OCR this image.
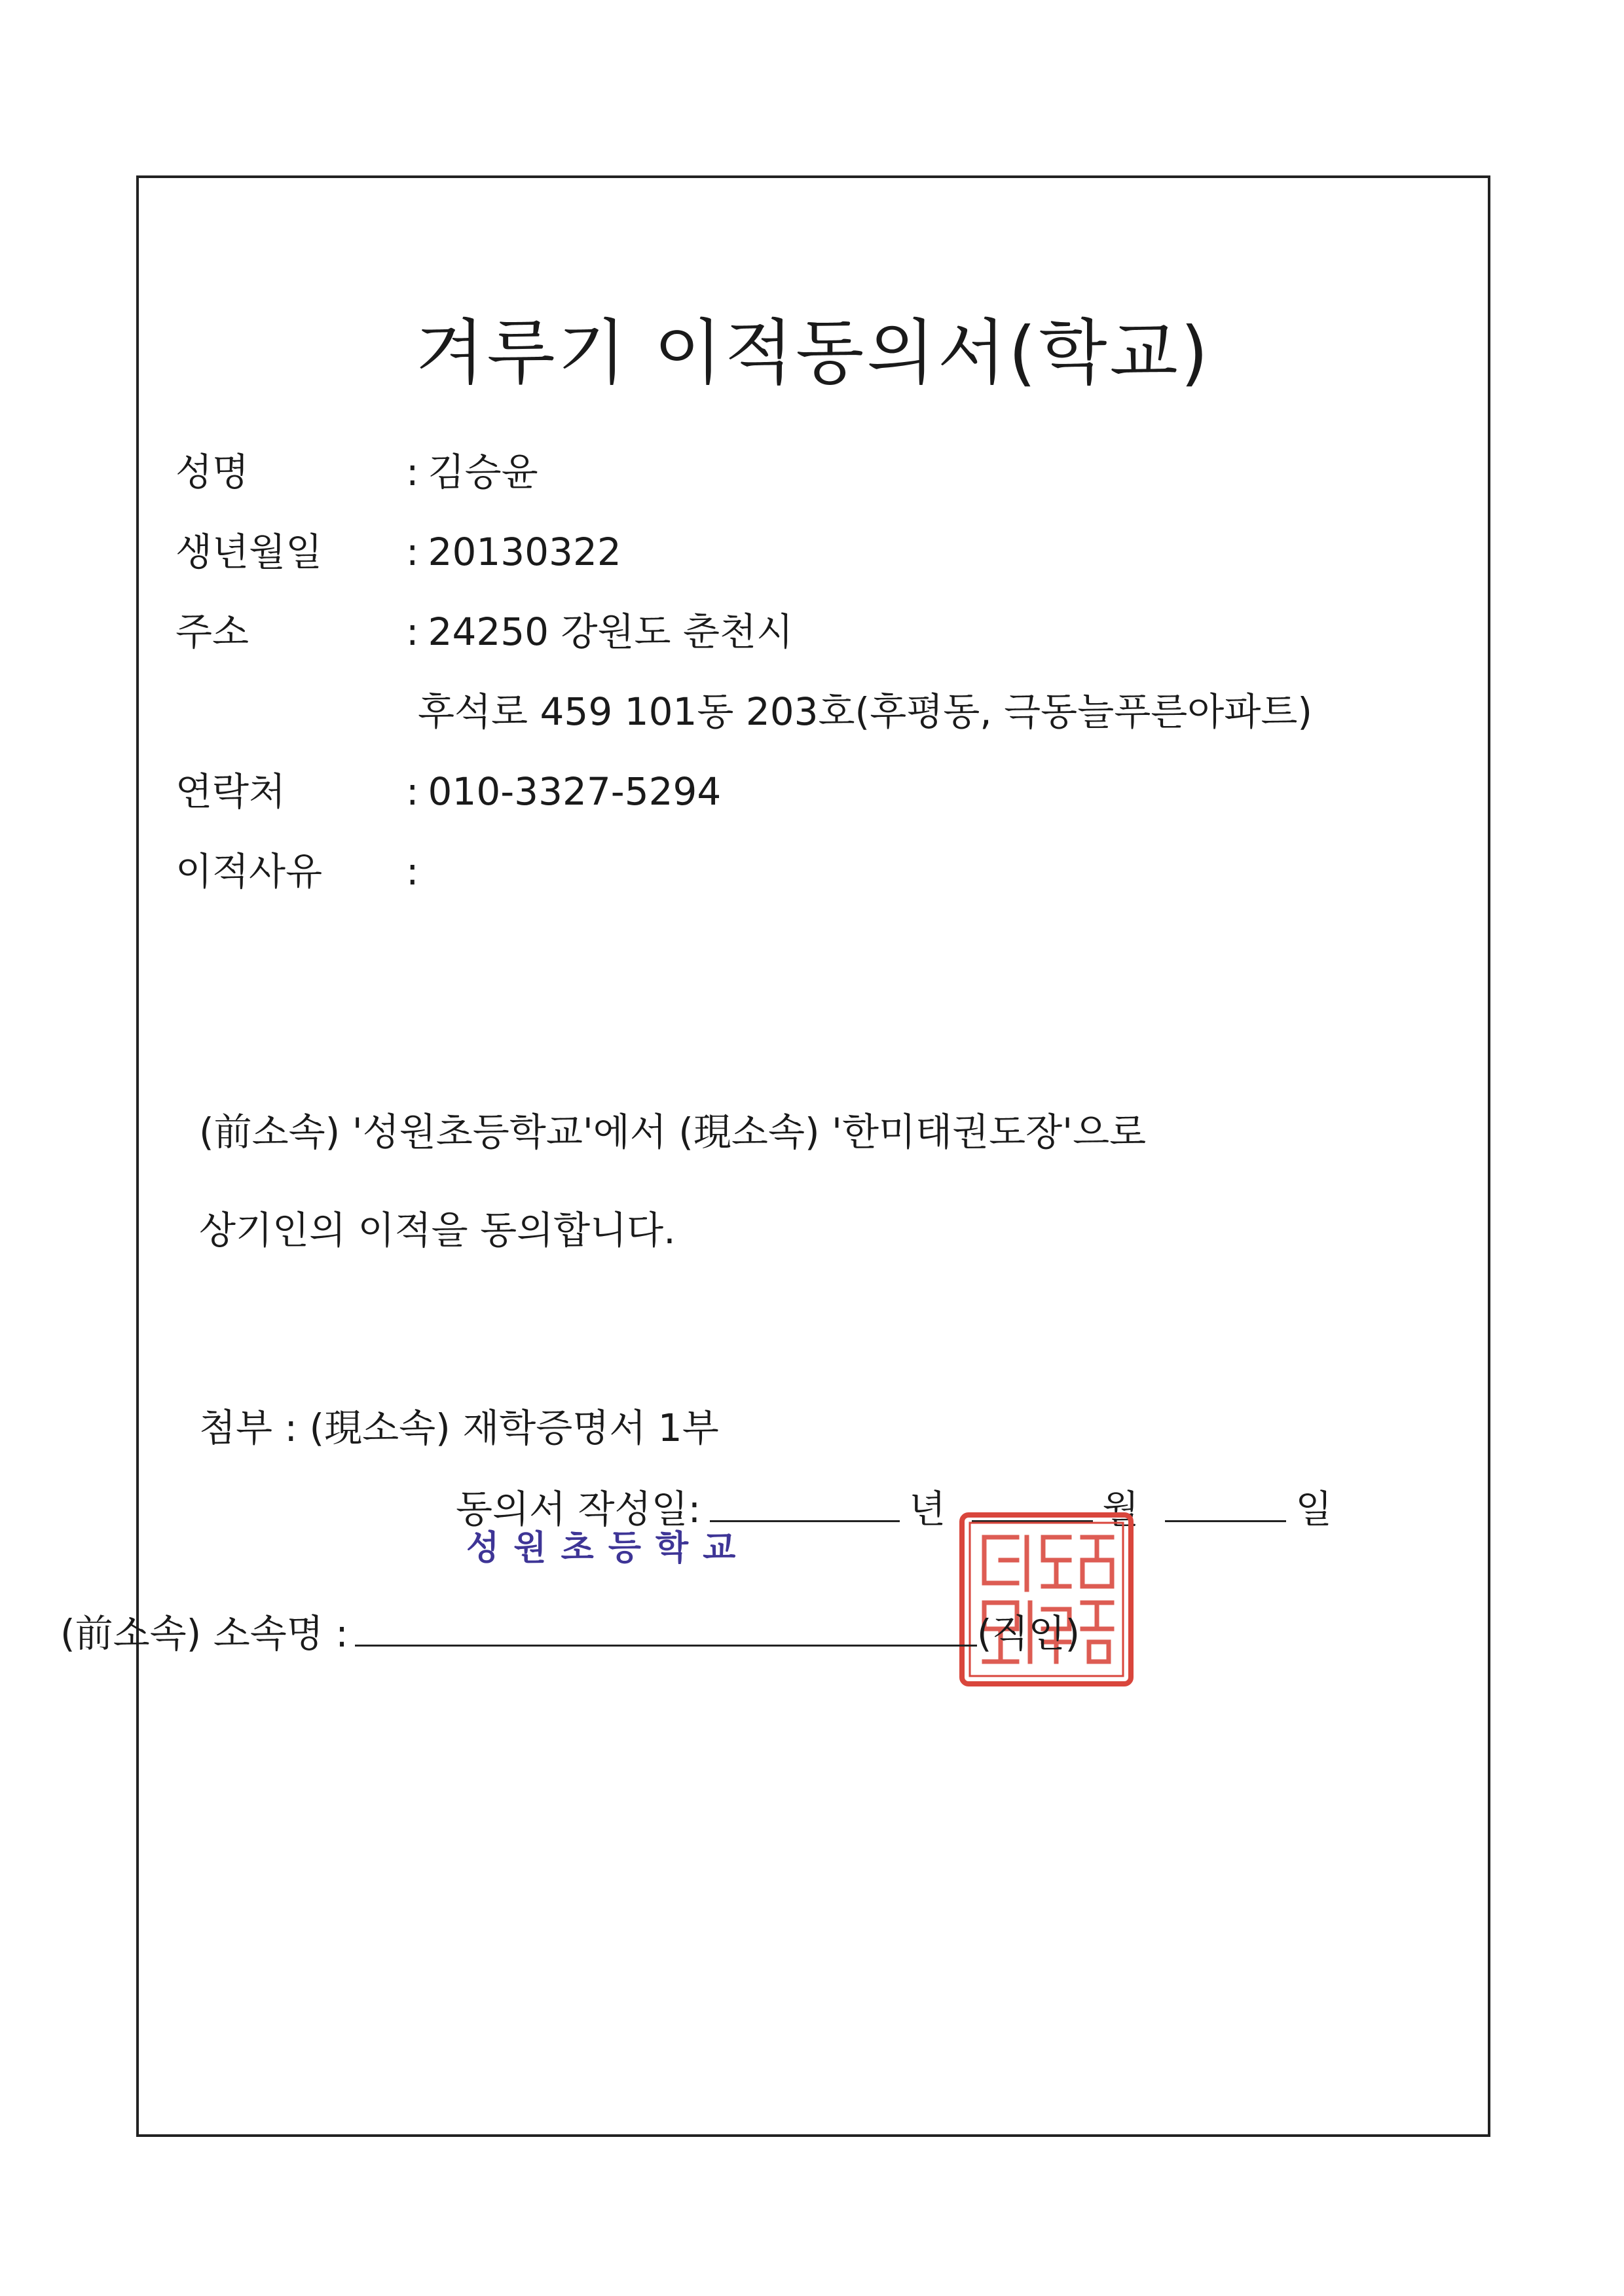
겨루기 이적동의서(학교)
성명	: 김승윤
생년월일 : 20130322
주소	: 24250 강원도 춘천시
후석로 459 101동 203호(후평동, 극동늘푸른아파트)
연락처	: 010-3327-5294
이적사유 :
(前소속) '성원초등학교'에서 (現소속) '한미태권도장'으로
상기인의 이적을 동의합니다.
첨부 : (現소속) 재학증명서 1부
동의서 작성일:	년	월	일
성원초등학교
(前소속) 소속명 :	(직인)
